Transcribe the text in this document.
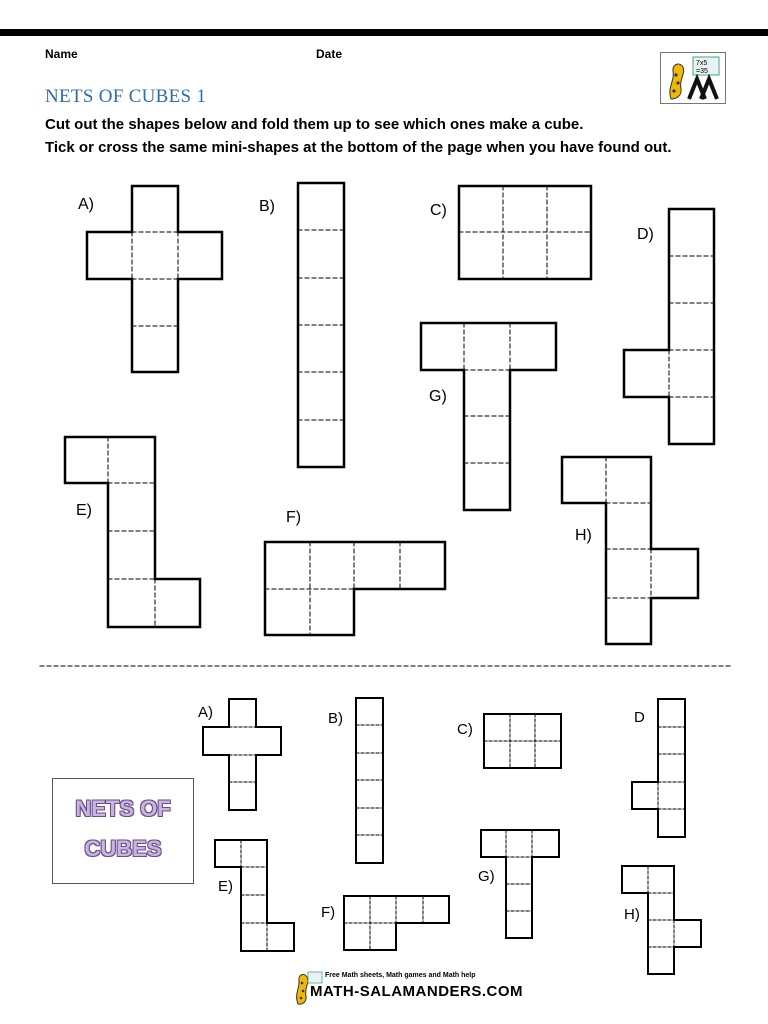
Name	Date
7x5
=35
NETS OF CUBES 1
Cut out the shapes below and fold them up to see which ones make a cube.
Tick or cross the same mini-shapes at the bottom of the page when you have found out.
A)	B)	C)
D)
G)
E)	F)
H)
A)	B)
C)
D
G)
E)
F)	H)
NETS OF
CUBES
Free Math sheets, Math games and Math help
MATH-SALAMANDERS.COM
